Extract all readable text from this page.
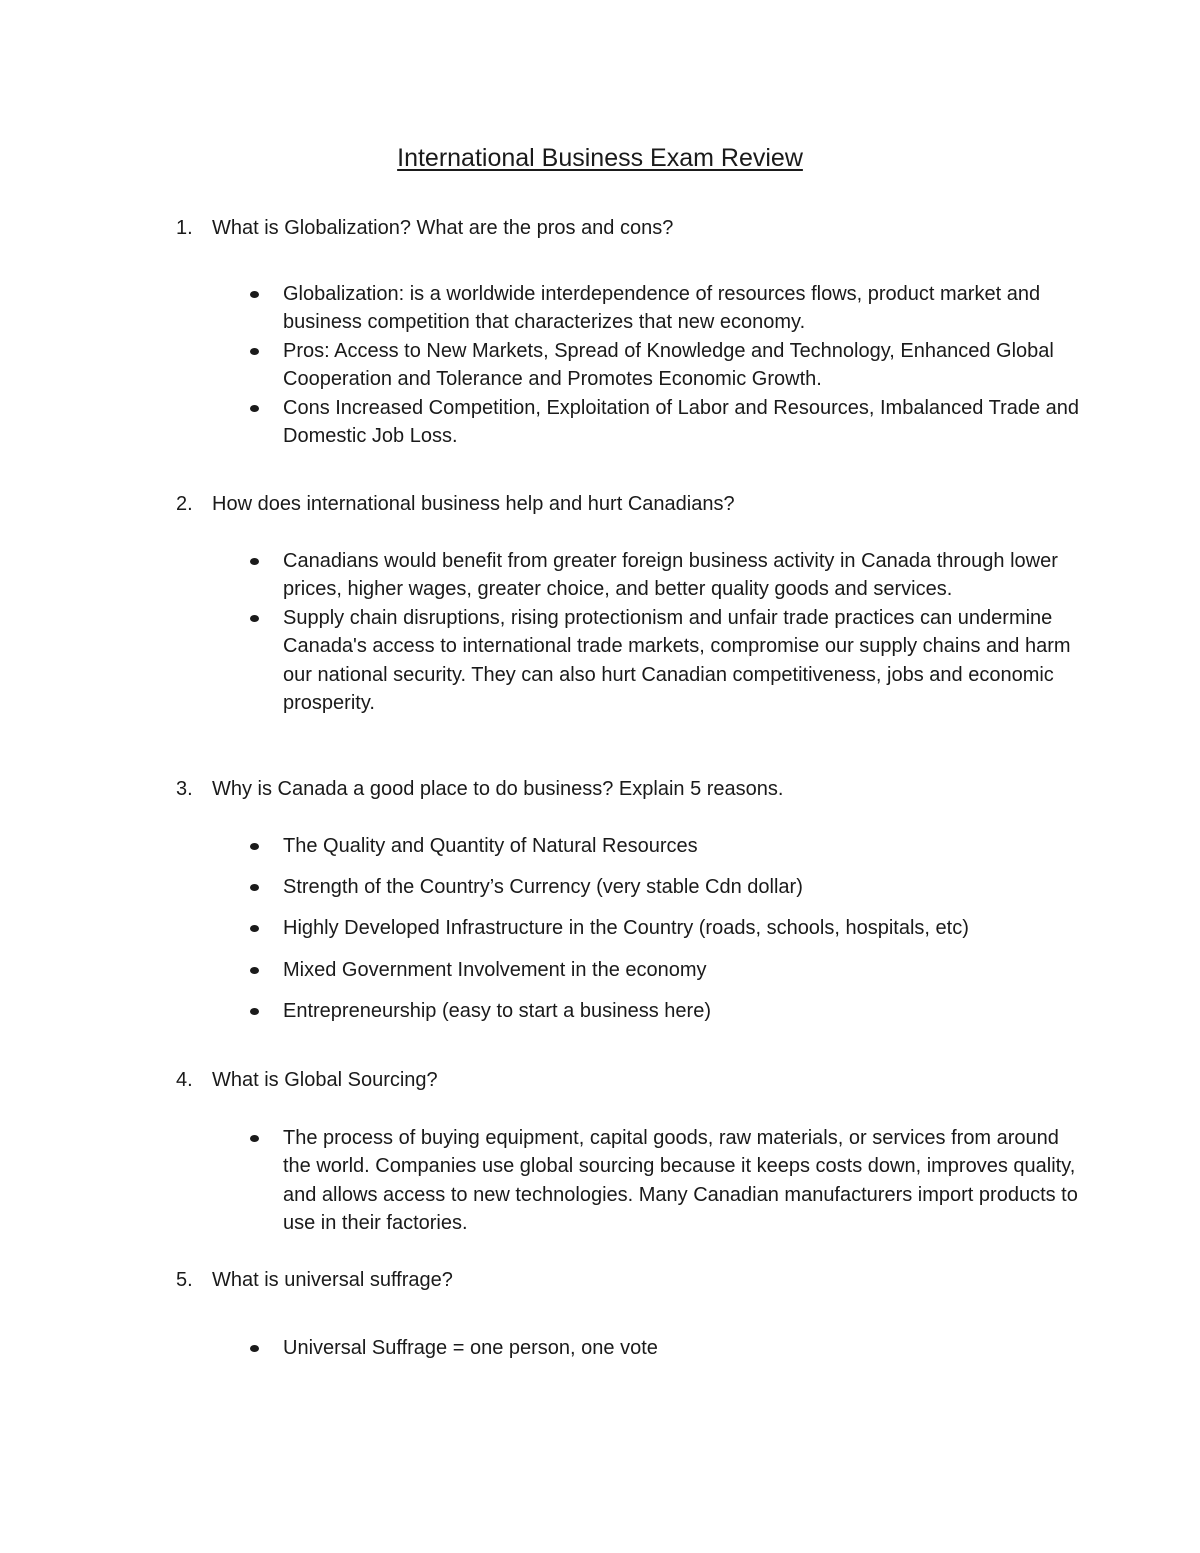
International Business Exam Review
1. What is Globalization? What are the pros and cons?
Globalization: is a worldwide interdependence of resources flows, product market and business competition that characterizes that new economy.
Pros: Access to New Markets, Spread of Knowledge and Technology, Enhanced Global Cooperation and Tolerance and Promotes Economic Growth.
Cons Increased Competition, Exploitation of Labor and Resources, Imbalanced Trade and Domestic Job Loss.
2. How does international business help and hurt Canadians?
Canadians would benefit from greater foreign business activity in Canada through lower prices, higher wages, greater choice, and better quality goods and services.
Supply chain disruptions, rising protectionism and unfair trade practices can undermine Canada's access to international trade markets, compromise our supply chains and harm our national security. They can also hurt Canadian competitiveness, jobs and economic prosperity.
3. Why is Canada a good place to do business? Explain 5 reasons.
The Quality and Quantity of Natural Resources
Strength of the Country’s Currency (very stable Cdn dollar)
Highly Developed Infrastructure in the Country (roads, schools, hospitals, etc)
Mixed Government Involvement in the economy
Entrepreneurship (easy to start a business here)
4. What is Global Sourcing?
The process of buying equipment, capital goods, raw materials, or services from around the world. Companies use global sourcing because it keeps costs down, improves quality, and allows access to new technologies. Many Canadian manufacturers import products to use in their factories.
5. What is universal suffrage?
Universal Suffrage = one person, one vote
